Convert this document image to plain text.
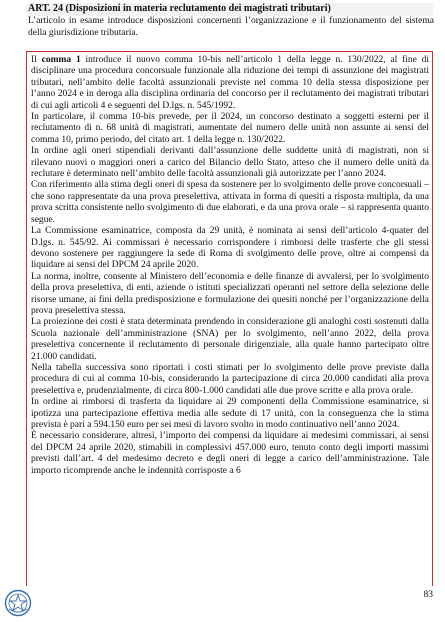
ART. 24 (Disposizioni in materia reclutamento dei magistrati tributari)
L’articolo in esame introduce disposizioni concernenti l’organizzazione e il funzionamento del sistema della giurisdizione tributaria.

Il comma 1 introduce il nuovo comma 10-bis nell’articolo 1 della legge n. 130/2022, al fine di disciplinare una procedura concorsuale funzionale alla riduzione dei tempi di assunzione dei magistrati tributari, nell’ambito delle facoltà assunzionali previste nel comma 10 della stessa disposizione per l’anno 2024 e in deroga alla disciplina ordinaria del concorso per il reclutamento dei magistrati tributari di cui agli articoli 4 e seguenti del D.lgs. n. 545/1992.

In particolare, il comma 10-bis prevede, per il 2024, un concorso destinato a soggetti esterni per il reclutamento di n. 68 unità di magistrati, aumentate del numero delle unità non assunte ai sensi del comma 10, primo periodo, del citato art. 1 della legge n. 130/2022.

In ordine agli oneri stipendiali derivanti dall’assunzione delle suddette unità di magistrati, non si rilevano nuovi o maggiori oneri a carico del Bilancio dello Stato, atteso che il numero delle unità da reclutare è determinato nell’ambito delle facoltà assunzionali già autorizzate per l’anno 2024.

Con riferimento alla stima degli oneri di spesa da sostenere per lo svolgimento delle prove concorsuali – che sono rappresentate da una prova preselettiva, attivata in forma di quesiti a risposta multipla, da una prova scritta consistente nello svolgimento di due elaborati, e da una prova orale – si rappresenta quanto segue.

La Commissione esaminatrice, composta da 29 unità, è nominata ai sensi dell’articolo 4-quater del D.lgs. n. 545/92. Ai commissari è necessario corrispondere i rimborsi delle trasferte che gli stessi devono sostenere per raggiungere la sede di Roma di svolgimento delle prove, oltre ai compensi da liquidare ai sensi del DPCM 24 aprile 2020.

La norma, inoltre, consente al Ministero dell’economia e delle finanze di avvalersi, per lo svolgimento della prova preselettiva, di enti, aziende o istituti specializzati operanti nel settore della selezione delle risorse umane, ai fini della predisposizione e formulazione dei quesiti nonché per l’organizzazione della prova preselettiva stessa.

La proiezione dei costi è stata determinata prendendo in considerazione gli analoghi costi sostenuti dalla Scuola nazionale dell’amministrazione (SNA) per lo svolgimento, nell’anno 2022, della prova preselettiva concernente il reclutamento di personale dirigenziale, alla quale hanno partecipato oltre 21.000 candidati.

Nella tabella successiva sono riportati i costi stimati per lo svolgimento delle prove previste dalla procedura di cui al comma 10-bis, considerando la partecipazione di circa 20.000 candidati alla prova preselettiva e, prudenzialmente, di circa 800-1.000 candidati alle due prove scritte e alla prova orale.

In ordine ai rimborsi di trasferta da liquidare ai 29 componenti della Commissione esaminatrice, si ipotizza una partecipazione effettiva media alle sedute di 17 unità, con la conseguenza che la stima prevista è pari a 594.150 euro per sei mesi di lavoro svolto in modo continuativo nell’anno 2024.

È necessario considerare, altresì, l’importo dei compensi da liquidare ai medesimi commissari, ai sensi del DPCM 24 aprile 2020, stimabili in complessivi 457.000 euro, tenuto conto degli importi massimi previsti dall’art. 4 del medesimo decreto e degli oneri di legge a carico dell’amministrazione. Tale importo ricomprende anche le indennità corrisposte a 6

83
